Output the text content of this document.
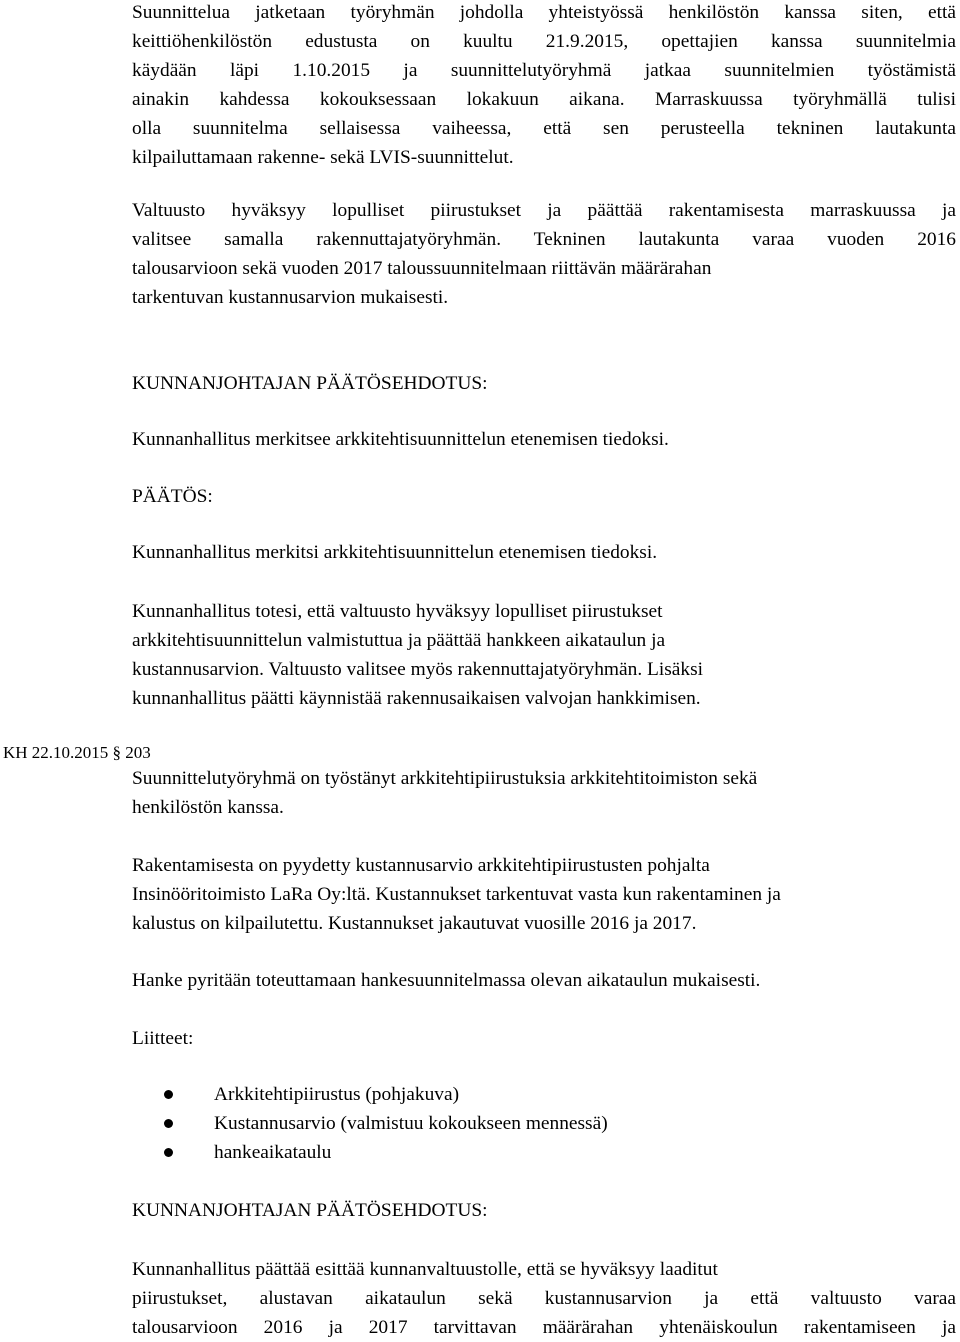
Suunnittelua jatketaan työryhmän johdolla yhteistyössä henkilöstön kanssa siten, että
keittiöhenkilöstön edustusta on kuultu 21.9.2015, opettajien kanssa suunnitelmia
käydään läpi 1.10.2015 ja suunnittelutyöryhmä jatkaa suunnitelmien työstämistä
ainakin kahdessa kokouksessaan lokakuun aikana. Marraskuussa työryhmällä tulisi
olla suunnitelma sellaisessa vaiheessa, että sen perusteella tekninen lautakunta
kilpailuttamaan rakenne- sekä LVIS-suunnittelut.

Valtuusto hyväksyy lopulliset piirustukset ja päättää rakentamisesta marraskuussa ja
valitsee samalla rakennuttajatyöryhmän. Tekninen lautakunta varaa vuoden 2016
talousarvioon sekä vuoden 2017 taloussuunnitelmaan riittävän määrärahan
tarkentuvan kustannusarvion mukaisesti.

KUNNANJOHTAJAN PÄÄTÖSEHDOTUS:

Kunnanhallitus merkitsee arkkitehtisuunnittelun etenemisen tiedoksi.

PÄÄTÖS:

Kunnanhallitus merkitsi arkkitehtisuunnittelun etenemisen tiedoksi.

Kunnanhallitus totesi, että valtuusto hyväksyy lopulliset piirustukset
arkkitehtisuunnittelun valmistuttua ja päättää hankkeen aikataulun ja
kustannusarvion. Valtuusto valitsee myös rakennuttajatyöryhmän. Lisäksi
kunnanhallitus päätti käynnistää rakennusaikaisen valvojan hankkimisen.

KH 22.10.2015 § 203

Suunnittelutyöryhmä on työstänyt arkkitehtipiirustuksia arkkitehtitoimiston sekä
henkilöstön kanssa.

Rakentamisesta on pyydetty kustannusarvio arkkitehtipiirustusten pohjalta
Insinööritoimisto LaRa Oy:ltä. Kustannukset tarkentuvat vasta kun rakentaminen ja
kalustus on kilpailutettu. Kustannukset jakautuvat vuosille 2016 ja 2017.

Hanke pyritään toteuttamaan hankesuunnitelmassa olevan aikataulun mukaisesti.

Liitteet:

Arkkitehtipiirustus (pohjakuva)
Kustannusarvio (valmistuu kokoukseen mennessä)
hankeaikataulu
KUNNANJOHTAJAN PÄÄTÖSEHDOTUS:

Kunnanhallitus päättää esittää kunnanvaltuustolle, että se hyväksyy laaditut
piirustukset, alustavan aikataulun sekä kustannusarvion ja että valtuusto varaa
talousarvioon 2016 ja 2017 tarvittavan määrärahan yhtenäiskoulun rakentamiseen ja
